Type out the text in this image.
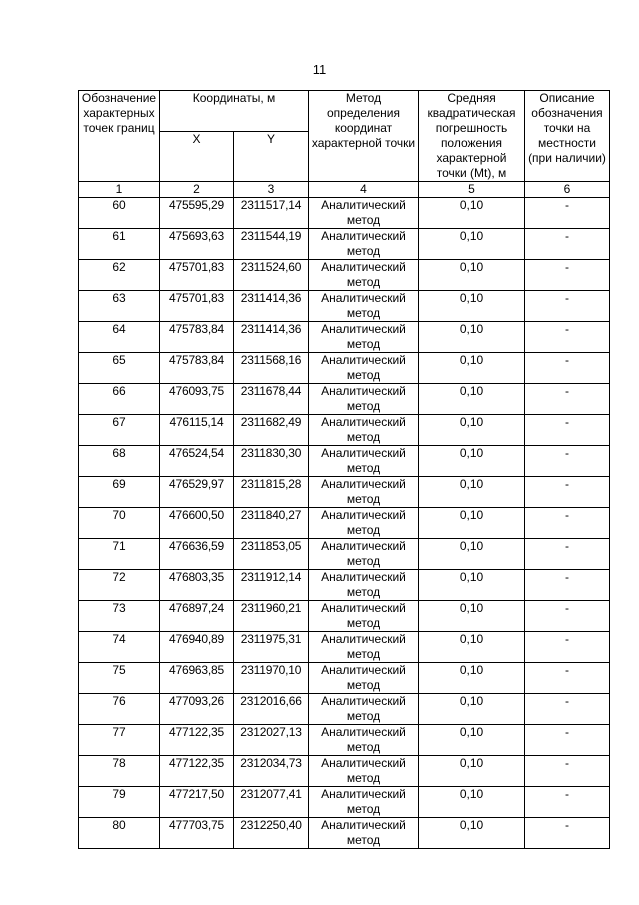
11
Обозначение характерных точек границ	Координаты, м		Метод определения координат характерной точки	Средняя квадратическая погрешность положения характерной точки (Mt), м	Описание обозначения точки на местности (при наличии)
	X	Y			
1	2	3	4	5	6
60	475595,29	2311517,14	Аналитический метод	0,10	-
61	475693,63	2311544,19	Аналитический метод	0,10	-
62	475701,83	2311524,60	Аналитический метод	0,10	-
63	475701,83	2311414,36	Аналитический метод	0,10	-
64	475783,84	2311414,36	Аналитический метод	0,10	-
65	475783,84	2311568,16	Аналитический метод	0,10	-
66	476093,75	2311678,44	Аналитический метод	0,10	-
67	476115,14	2311682,49	Аналитический метод	0,10	-
68	476524,54	2311830,30	Аналитический метод	0,10	-
69	476529,97	2311815,28	Аналитический метод	0,10	-
70	476600,50	2311840,27	Аналитический метод	0,10	-
71	476636,59	2311853,05	Аналитический метод	0,10	-
72	476803,35	2311912,14	Аналитический метод	0,10	-
73	476897,24	2311960,21	Аналитический метод	0,10	-
74	476940,89	2311975,31	Аналитический метод	0,10	-
75	476963,85	2311970,10	Аналитический метод	0,10	-
76	477093,26	2312016,66	Аналитический метод	0,10	-
77	477122,35	2312027,13	Аналитический метод	0,10	-
78	477122,35	2312034,73	Аналитический метод	0,10	-
79	477217,50	2312077,41	Аналитический метод	0,10	-
80	477703,75	2312250,40	Аналитический метод	0,10	-
